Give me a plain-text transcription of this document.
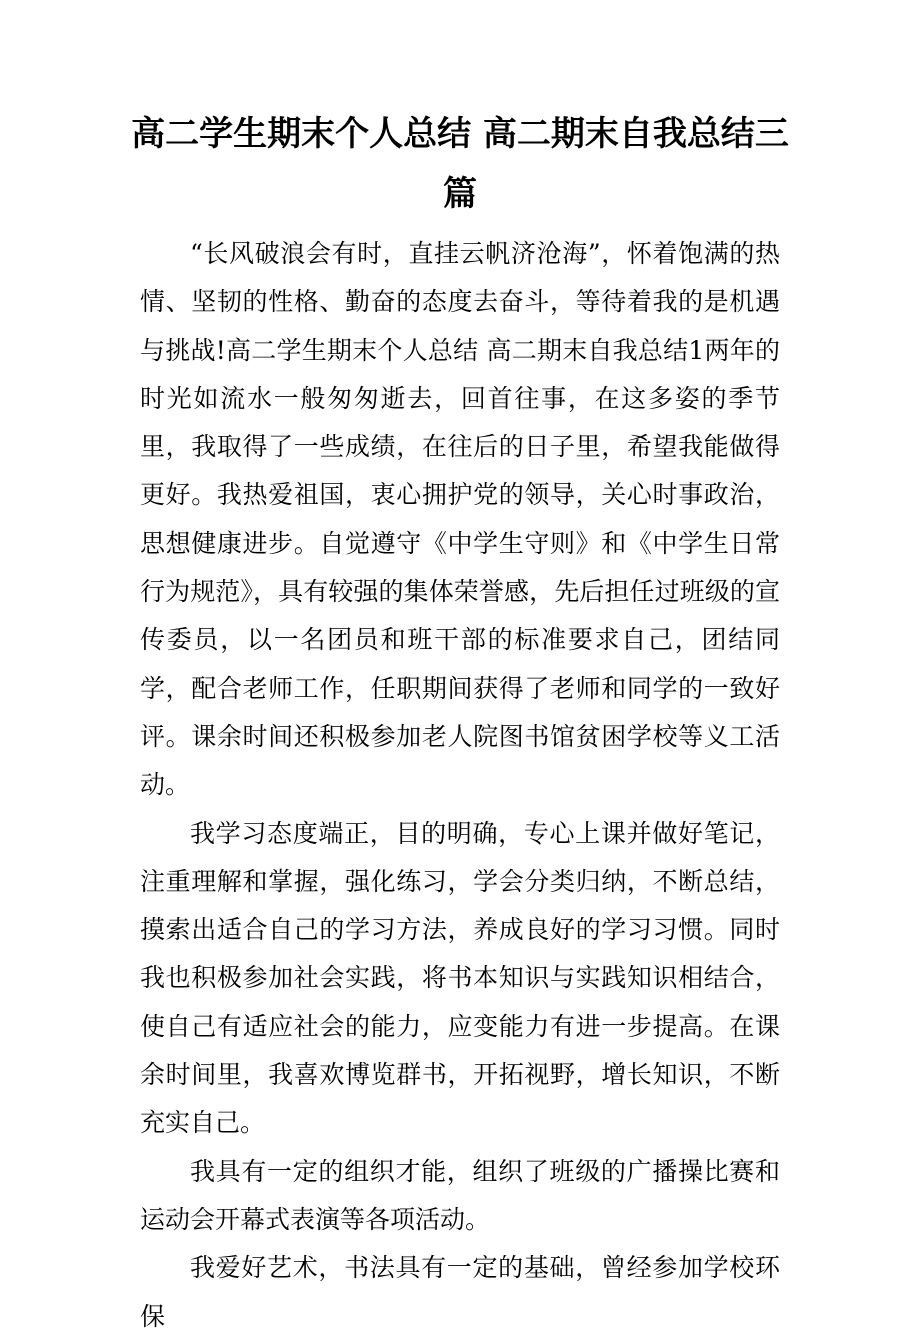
高二学生期末个人总结 高二期末自我总结三篇

“长风破浪会有时，直挂云帆济沧海”，怀着饱满的热情、坚韧的性格、勤奋的态度去奋斗，等待着我的是机遇与挑战!高二学生期末个人总结 高二期末自我总结1两年的时光如流水一般匆匆逝去，回首往事，在这多姿的季节里，我取得了一些成绩，在往后的日子里，希望我能做得更好。我热爱祖国，衷心拥护党的领导，关心时事政治，思想健康进步。自觉遵守《中学生守则》和《中学生日常行为规范》，具有较强的集体荣誉感，先后担任过班级的宣传委员，以一名团员和班干部的标准要求自己，团结同学，配合老师工作，任职期间获得了老师和同学的一致好评。课余时间还积极参加老人院图书馆贫困学校等义工活动。

我学习态度端正，目的明确，专心上课并做好笔记，注重理解和掌握，强化练习，学会分类归纳，不断总结，摸索出适合自己的学习方法，养成良好的学习习惯。同时我也积极参加社会实践，将书本知识与实践知识相结合，使自己有适应社会的能力，应变能力有进一步提高。在课余时间里，我喜欢博览群书，开拓视野，增长知识，不断充实自己。

我具有一定的组织才能，组织了班级的广播操比赛和运动会开幕式表演等各项活动。

我爱好艺术，书法具有一定的基础，曾经参加学校环保
